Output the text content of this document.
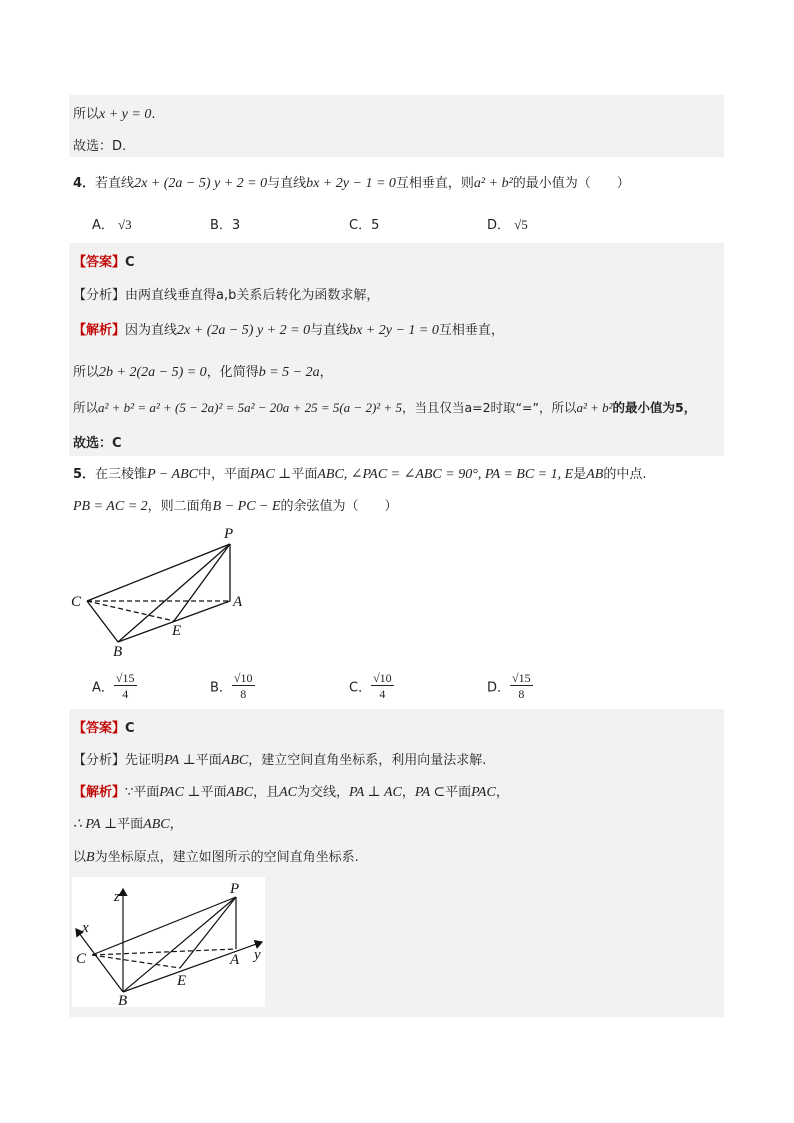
所以x + y = 0.
故选：D.
4．若直线2x + (2a − 5) y + 2 = 0与直线bx + 2y − 1 = 0互相垂直，则a² + b²的最小值为（　　）
A． √3	B．3	C．5	D． √5
【答案】C
【分析】由两直线垂直得a,b关系后转化为函数求解，
【解析】因为直线2x + (2a − 5) y + 2 = 0与直线bx + 2y − 1 = 0互相垂直，
所以2b + 2(2a − 5) = 0，化简得b = 5 − 2a，
所以a² + b² = a² + (5 − 2a)² = 5a² − 20a + 25 = 5(a − 2)² + 5，当且仅当a=2时取“=”，所以a² + b²的最小值为5，
故选：C
5．在三棱锥P − ABC中，平面PAC ⊥平面ABC, ∠PAC = ∠ABC = 90°, PA = BC = 1, E是AB的中点.
PB = AC = 2，则二面角B − PC − E的余弦值为（　　）
P
C	A
E
B
A． $\frac{√15}{4}$	B． $\frac{√10}{8}$	C． $\frac{√10}{4}$	D． $\frac{√15}{8}$
【答案】C
【分析】先证明PA ⊥平面ABC，建立空间直角坐标系，利用向量法求解.
【解析】∵平面PAC ⊥平面ABC，且AC为交线，PA ⊥ AC，PA ⊂平面PAC，
∴ PA ⊥平面ABC，
以B为坐标原点，建立如图所示的空间直角坐标系.
z
x
y
P
C	A
E
B
